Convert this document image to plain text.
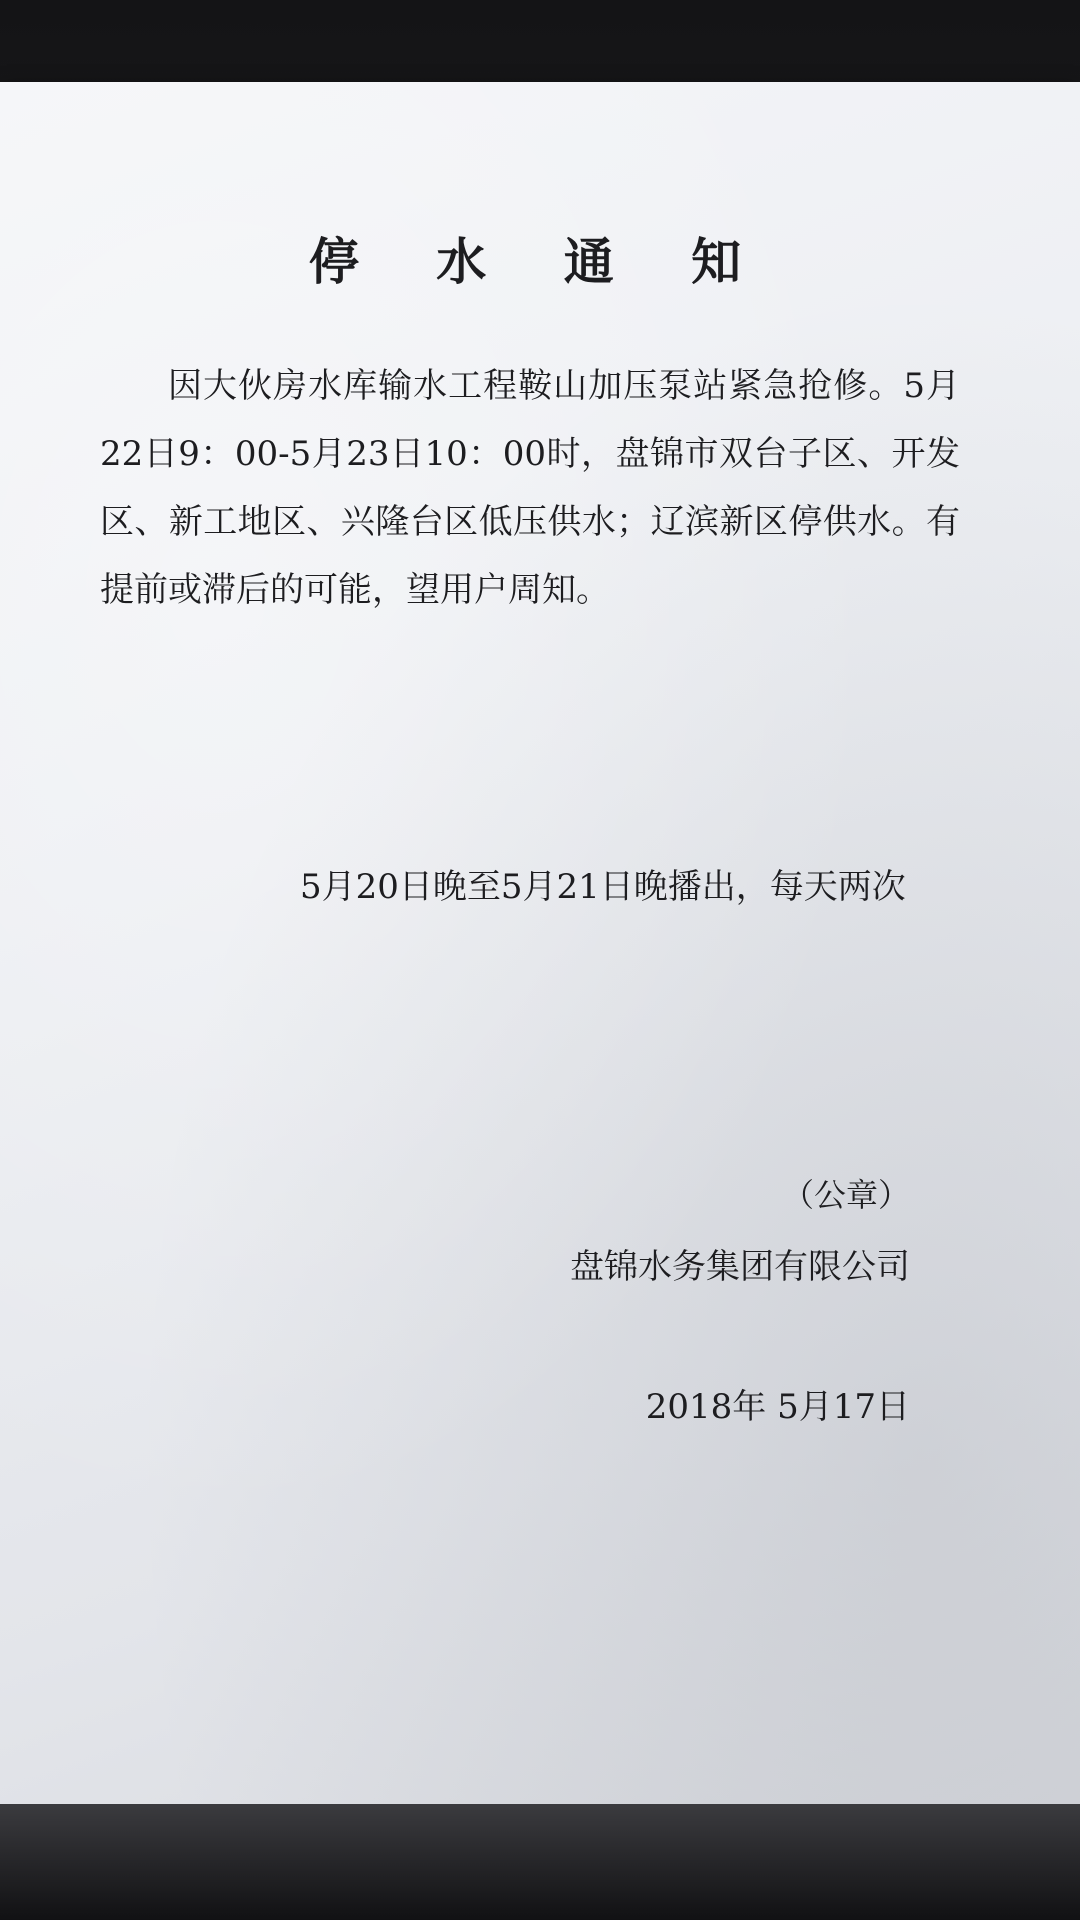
停 水 通 知

因大伙房水库输水工程鞍山加压泵站紧急抢修。5月22日9：00-5月23日10：00时，盘锦市双台子区、开发区、新工地区、兴隆台区低压供水；辽滨新区停供水。有提前或滞后的可能，望用户周知。

5月20日晚至5月21日晚播出，每天两次
（公章）
盘锦水务集团有限公司
2018年 5月17日
